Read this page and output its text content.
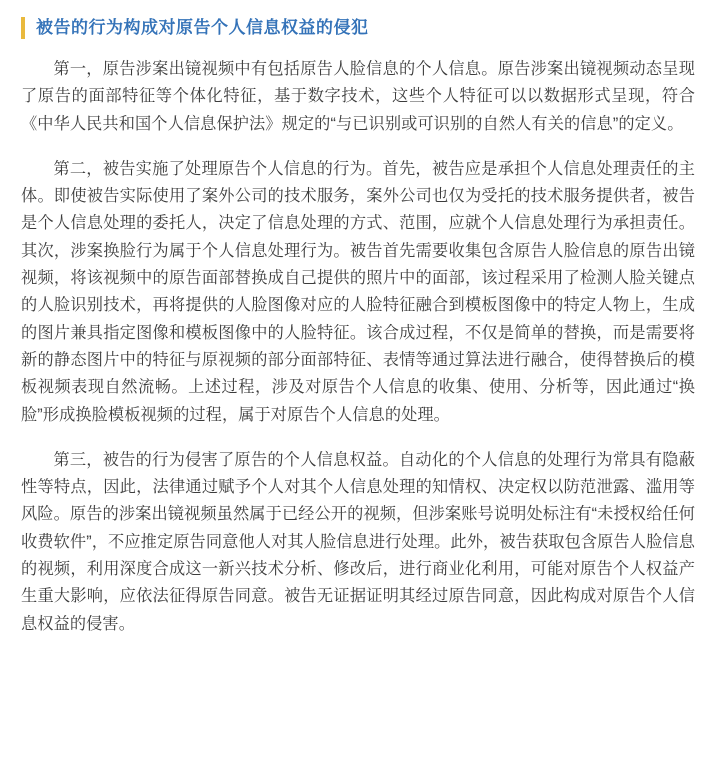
被告的行为构成对原告个人信息权益的侵犯

第一，原告涉案出镜视频中有包括原告人脸信息的个人信息。原告涉案出镜视频动态呈现了原告的面部特征等个体化特征，基于数字技术，这些个人特征可以以数据形式呈现，符合《中华人民共和国个人信息保护法》规定的“与已识别或可识别的自然人有关的信息”的定义。

第二，被告实施了处理原告个人信息的行为。首先，被告应是承担个人信息处理责任的主体。即使被告实际使用了案外公司的技术服务，案外公司也仅为受托的技术服务提供者，被告是个人信息处理的委托人，决定了信息处理的方式、范围，应就个人信息处理行为承担责任。其次，涉案换脸行为属于个人信息处理行为。被告首先需要收集包含原告人脸信息的原告出镜视频，将该视频中的原告面部替换成自己提供的照片中的面部，该过程采用了检测人脸关键点的人脸识别技术，再将提供的人脸图像对应的人脸特征融合到模板图像中的特定人物上，生成的图片兼具指定图像和模板图像中的人脸特征。该合成过程，不仅是简单的替换，而是需要将新的静态图片中的特征与原视频的部分面部特征、表情等通过算法进行融合，使得替换后的模板视频表现自然流畅。上述过程，涉及对原告个人信息的收集、使用、分析等，因此通过“换脸”形成换脸模板视频的过程，属于对原告个人信息的处理。

第三，被告的行为侵害了原告的个人信息权益。自动化的个人信息的处理行为常具有隐蔽性等特点，因此，法律通过赋予个人对其个人信息处理的知情权、决定权以防范泄露、滥用等风险。原告的涉案出镜视频虽然属于已经公开的视频，但涉案账号说明处标注有“未授权给任何收费软件”，不应推定原告同意他人对其人脸信息进行处理。此外，被告获取包含原告人脸信息的视频，利用深度合成这一新兴技术分析、修改后，进行商业化利用，可能对原告个人权益产生重大影响，应依法征得原告同意。被告无证据证明其经过原告同意，因此构成对原告个人信息权益的侵害。
